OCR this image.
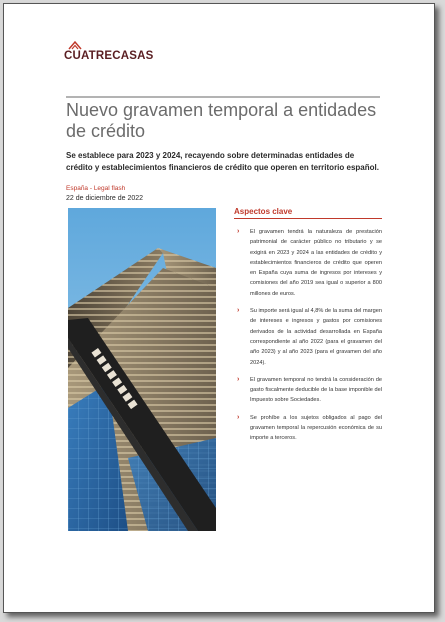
CUATRECASAS
Nuevo gravamen temporal a entidades de crédito

Se establece para 2023 y 2024, recayendo sobre determinadas entidades de crédito y establecimientos financieros de crédito que operen en territorio español.

España - Legal flash
22 de diciembre de 2022
Aspectos clave
› El gravamen tendrá la naturaleza de prestación patrimonial de carácter público no tributario y se exigirá en 2023 y 2024 a las entidades de crédito y establecimientos financieros de crédito que operen en España cuya suma de ingresos por intereses y comisiones del año 2019 sea igual o superior a 800 millones de euros.
› Su importe será igual al 4,8% de la suma del margen de intereses e ingresos y gastos por comisiones derivados de la actividad desarrollada en España correspondiente al año 2022 (para el gravamen del año 2023) y al año 2023 (para el gravamen del año 2024).
› El gravamen temporal no tendrá la consideración de gasto fiscalmente deducible de la base imponible del Impuesto sobre Sociedades.
› Se prohíbe a los sujetos obligados al pago del gravamen temporal la repercusión económica de su importe a terceros.
